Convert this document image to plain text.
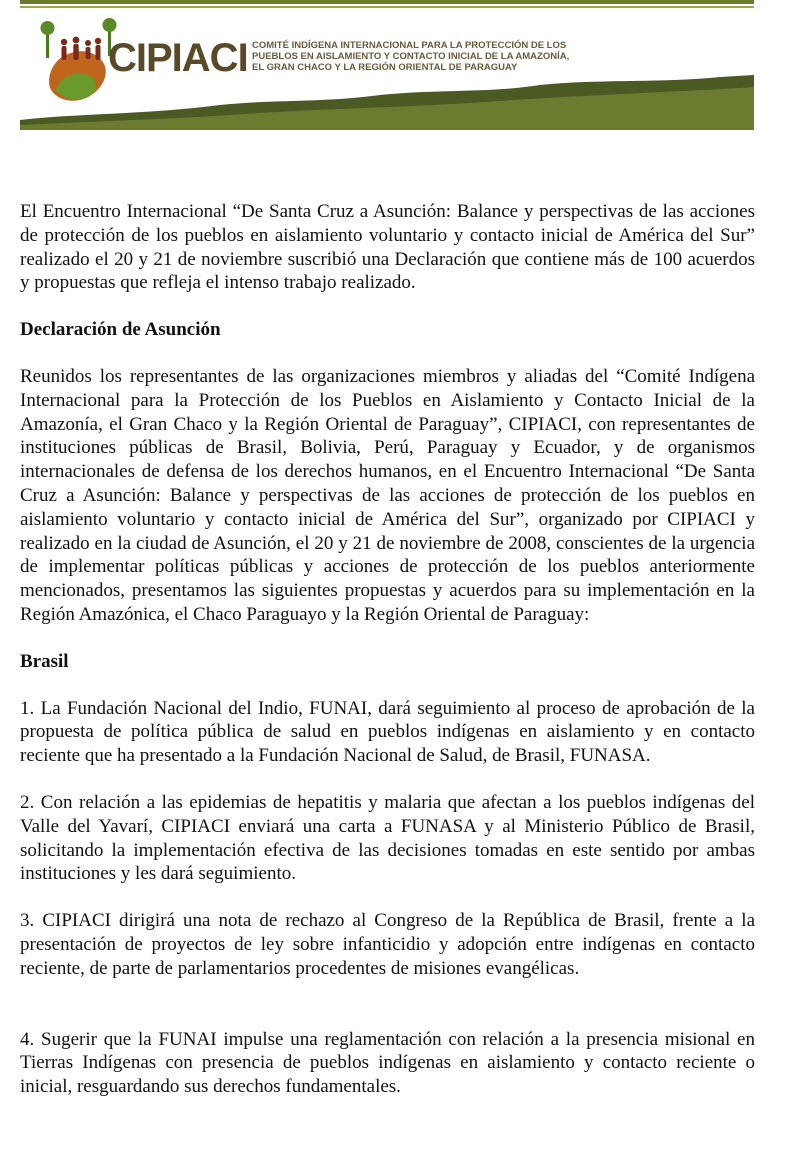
CIPIACI COMITÉ INDÍGENA INTERNACIONAL PARA LA PROTECCIÓN DE LOS PUEBLOS EN AISLAMIENTO Y CONTACTO INICIAL DE LA AMAZONÍA, EL GRAN CHACO Y LA REGIÓN ORIENTAL DE PARAGUAY

El Encuentro Internacional “De Santa Cruz a Asunción: Balance y perspectivas de las acciones de protección de los pueblos en aislamiento voluntario y contacto inicial de América del Sur” realizado el 20 y 21 de noviembre suscribió una Declaración que contiene más de 100 acuerdos y propuestas que refleja el intenso trabajo realizado.

Declaración de Asunción

Reunidos los representantes de las organizaciones miembros y aliadas del “Comité Indígena Internacional para la Protección de los Pueblos en Aislamiento y Contacto Inicial de la Amazonía, el Gran Chaco y la Región Oriental de Paraguay”, CIPIACI, con representantes de instituciones públicas de Brasil, Bolivia, Perú, Paraguay y Ecuador, y de organismos internacionales de defensa de los derechos humanos, en el Encuentro Internacional “De Santa Cruz a Asunción: Balance y perspectivas de las acciones de protección de los pueblos en aislamiento voluntario y contacto inicial de América del Sur”, organizado por CIPIACI y realizado en la ciudad de Asunción, el 20 y 21 de noviembre de 2008, conscientes de la urgencia de implementar políticas públicas y acciones de protección de los pueblos anteriormente mencionados, presentamos las siguientes propuestas y acuerdos para su implementación en la Región Amazónica, el Chaco Paraguayo y la Región Oriental de Paraguay:

Brasil

1. La Fundación Nacional del Indio, FUNAI, dará seguimiento al proceso de aprobación de la propuesta de política pública de salud en pueblos indígenas en aislamiento y en contacto reciente que ha presentado a la Fundación Nacional de Salud, de Brasil, FUNASA.

2. Con relación a las epidemias de hepatitis y malaria que afectan a los pueblos indígenas del Valle del Yavarí, CIPIACI enviará una carta a FUNASA y al Ministerio Público de Brasil, solicitando la implementación efectiva de las decisiones tomadas en este sentido por ambas instituciones y les dará seguimiento.

3. CIPIACI dirigirá una nota de rechazo al Congreso de la República de Brasil, frente a la presentación de proyectos de ley sobre infanticidio y adopción entre indígenas en contacto reciente, de parte de parlamentarios procedentes de misiones evangélicas.

4. Sugerir que la FUNAI impulse una reglamentación con relación a la presencia misional en Tierras Indígenas con presencia de pueblos indígenas en aislamiento y contacto reciente o inicial, resguardando sus derechos fundamentales.
